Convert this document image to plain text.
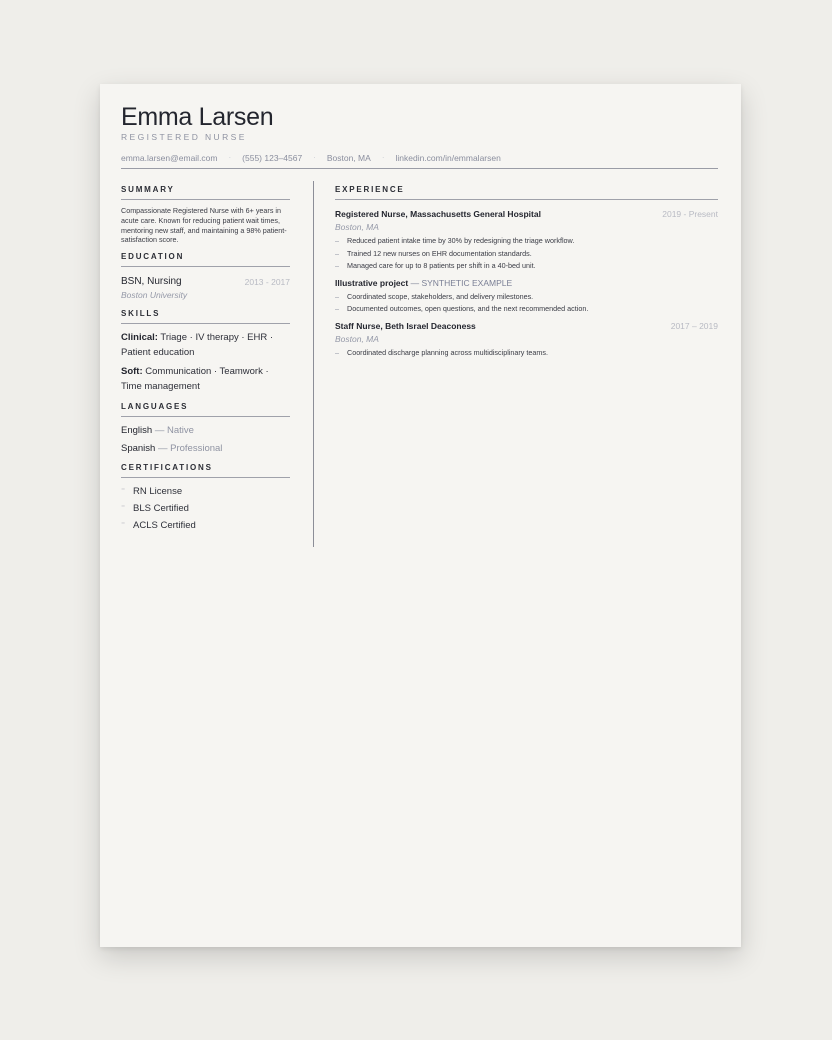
Emma Larsen
REGISTERED NURSE
emma.larsen@email.com · (555) 123–4567 · Boston, MA · linkedin.com/in/emmalarsen
SUMMARY
Compassionate Registered Nurse with 6+ years in acute care. Known for reducing patient wait times, mentoring new staff, and maintaining a 98% patient-satisfaction score.
EDUCATION
BSN, Nursing	2013 - 2017
Boston University
SKILLS
Clinical: Triage · IV therapy · EHR · Patient education
Soft: Communication · Teamwork · Time management
LANGUAGES
English — Native
Spanish — Professional
CERTIFICATIONS
⁻ RN License
⁻ BLS Certified
⁻ ACLS Certified
EXPERIENCE
Registered Nurse, Massachusetts General Hospital	2019 - Present
Boston, MA
–	Reduced patient intake time by 30% by redesigning the triage workflow.
–	Trained 12 new nurses on EHR documentation standards.
–	Managed care for up to 8 patients per shift in a 40-bed unit.
Illustrative project — SYNTHETIC EXAMPLE
–	Coordinated scope, stakeholders, and delivery milestones.
–	Documented outcomes, open questions, and the next recommended action.
Staff Nurse, Beth Israel Deaconess	2017 – 2019
Boston, MA
–	Coordinated discharge planning across multidisciplinary teams.
